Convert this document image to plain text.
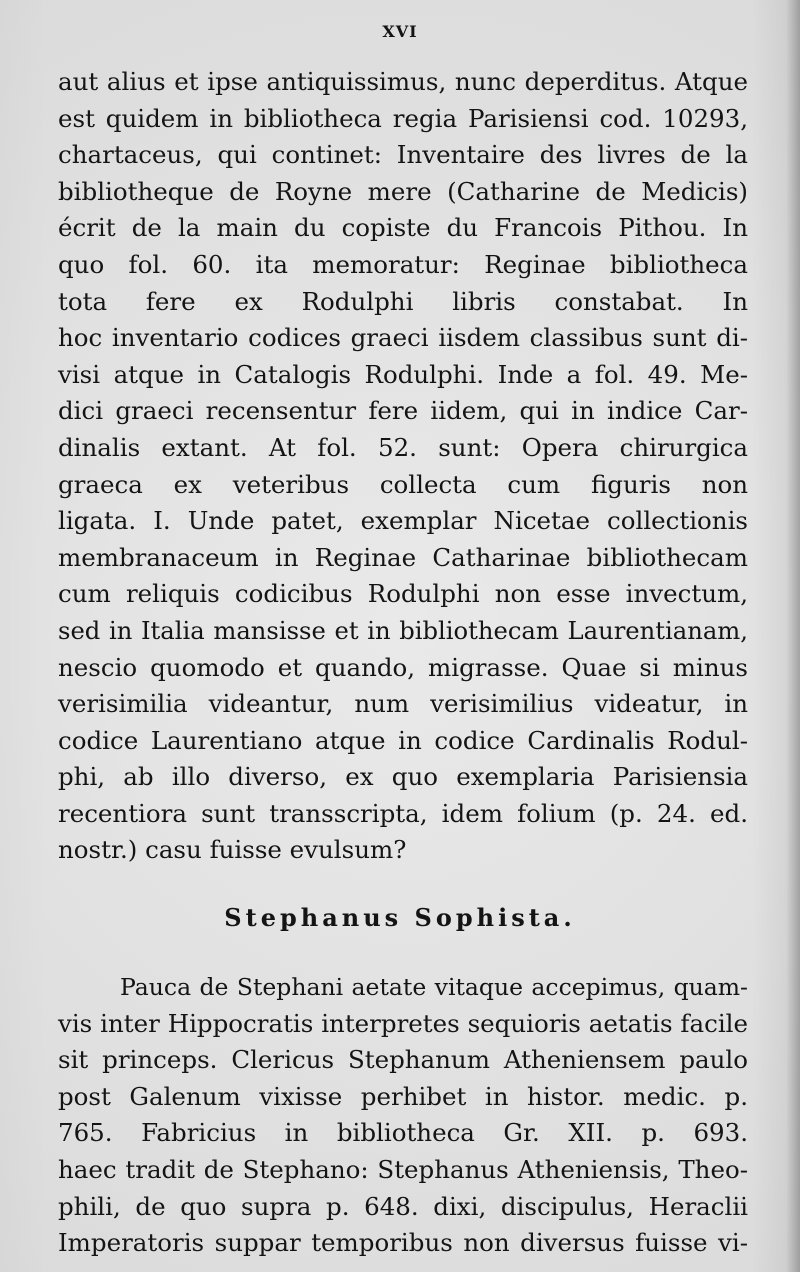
XVI
aut alius et ipse antiquissimus, nunc deperditus. Atque
est quidem in bibliotheca regia Parisiensi cod. 10293,
chartaceus, qui continet: Inventaire des livres de la
bibliotheque de Royne mere (Catharine de Medicis)
écrit de la main du copiste du Francois Pithou. In
quo fol. 60. ita memoratur: Reginae bibliotheca
tota fere ex Rodulphi libris constabat. In
hoc inventario codices graeci iisdem classibus sunt di-
visi atque in Catalogis Rodulphi. Inde a fol. 49. Me-
dici graeci recensentur fere iidem, qui in indice Car-
dinalis extant. At fol. 52. sunt: Opera chirurgica
graeca ex veteribus collecta cum figuris non
ligata. I. Unde patet, exemplar Nicetae collectionis
membranaceum in Reginae Catharinae bibliothecam
cum reliquis codicibus Rodulphi non esse invectum,
sed in Italia mansisse et in bibliothecam Laurentianam,
nescio quomodo et quando, migrasse. Quae si minus
verisimilia videantur, num verisimilius videatur, in
codice Laurentiano atque in codice Cardinalis Rodul-
phi, ab illo diverso, ex quo exemplaria Parisiensia
recentiora sunt transscripta, idem folium (p. 24. ed.
nostr.) casu fuisse evulsum?
Stephanus Sophista.
Pauca de Stephani aetate vitaque accepimus, quam-
vis inter Hippocratis interpretes sequioris aetatis facile
sit princeps. Clericus Stephanum Atheniensem paulo
post Galenum vixisse perhibet in histor. medic. p.
765. Fabricius in bibliotheca Gr. XII. p. 693.
haec tradit de Stephano: Stephanus Atheniensis, Theo-
phili, de quo supra p. 648. dixi, discipulus, Heraclii
Imperatoris suppar temporibus non diversus fuisse vi-
